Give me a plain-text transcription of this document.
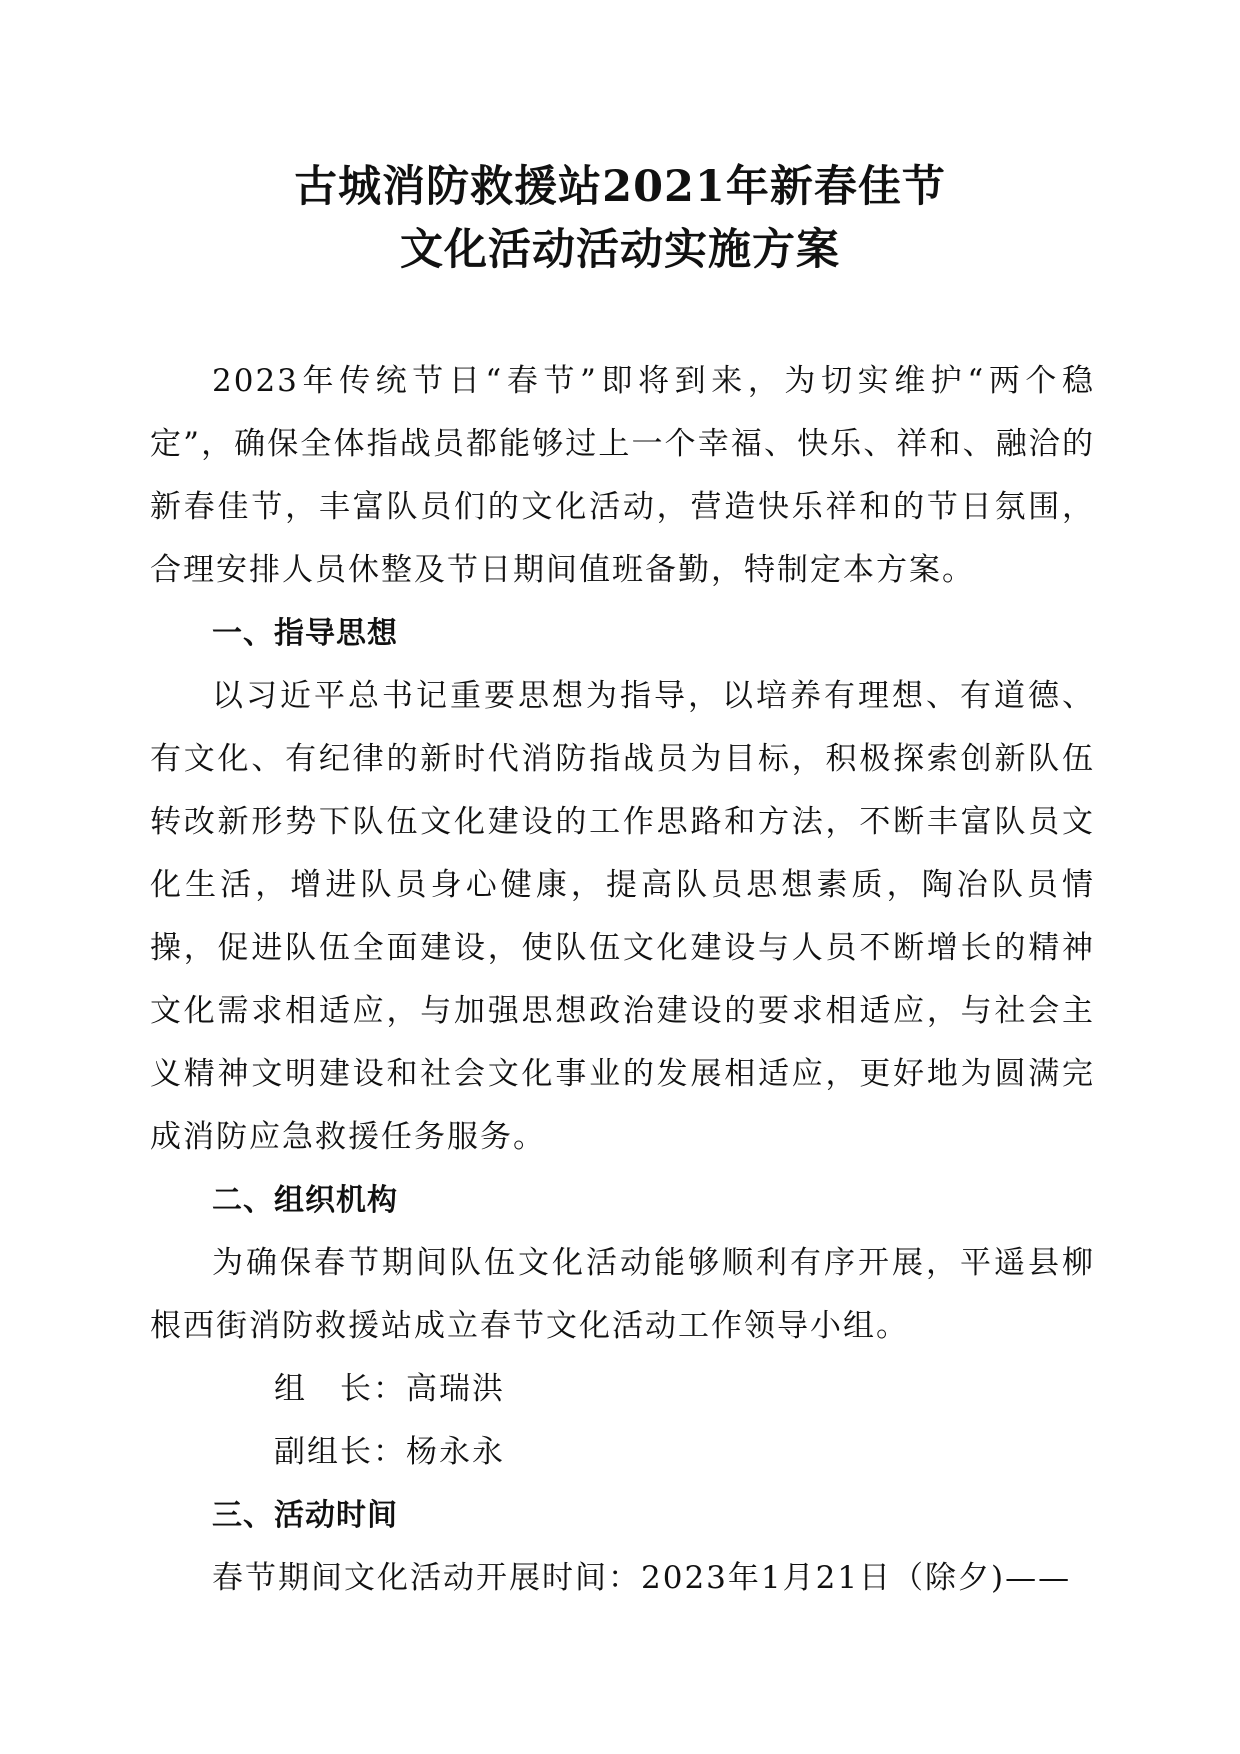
古城消防救援站2021年新春佳节
文化活动活动实施方案

2023年传统节日“春节”即将到来，为切实维护“两个稳定”，确保全体指战员都能够过上一个幸福、快乐、祥和、融洽的新春佳节，丰富队员们的文化活动，营造快乐祥和的节日氛围，合理安排人员休整及节日期间值班备勤，特制定本方案。

一、指导思想

以习近平总书记重要思想为指导，以培养有理想、有道德、有文化、有纪律的新时代消防指战员为目标，积极探索创新队伍转改新形势下队伍文化建设的工作思路和方法，不断丰富队员文化生活，增进队员身心健康，提高队员思想素质，陶冶队员情操，促进队伍全面建设，使队伍文化建设与人员不断增长的精神文化需求相适应，与加强思想政治建设的要求相适应，与社会主义精神文明建设和社会文化事业的发展相适应，更好地为圆满完成消防应急救援任务服务。

二、组织机构

为确保春节期间队伍文化活动能够顺利有序开展，平遥县柳根西街消防救援站成立春节文化活动工作领导小组。

组　长：高瑞洪

副组长：杨永永

三、活动时间

春节期间文化活动开展时间：2023年1月21日（除夕)——
